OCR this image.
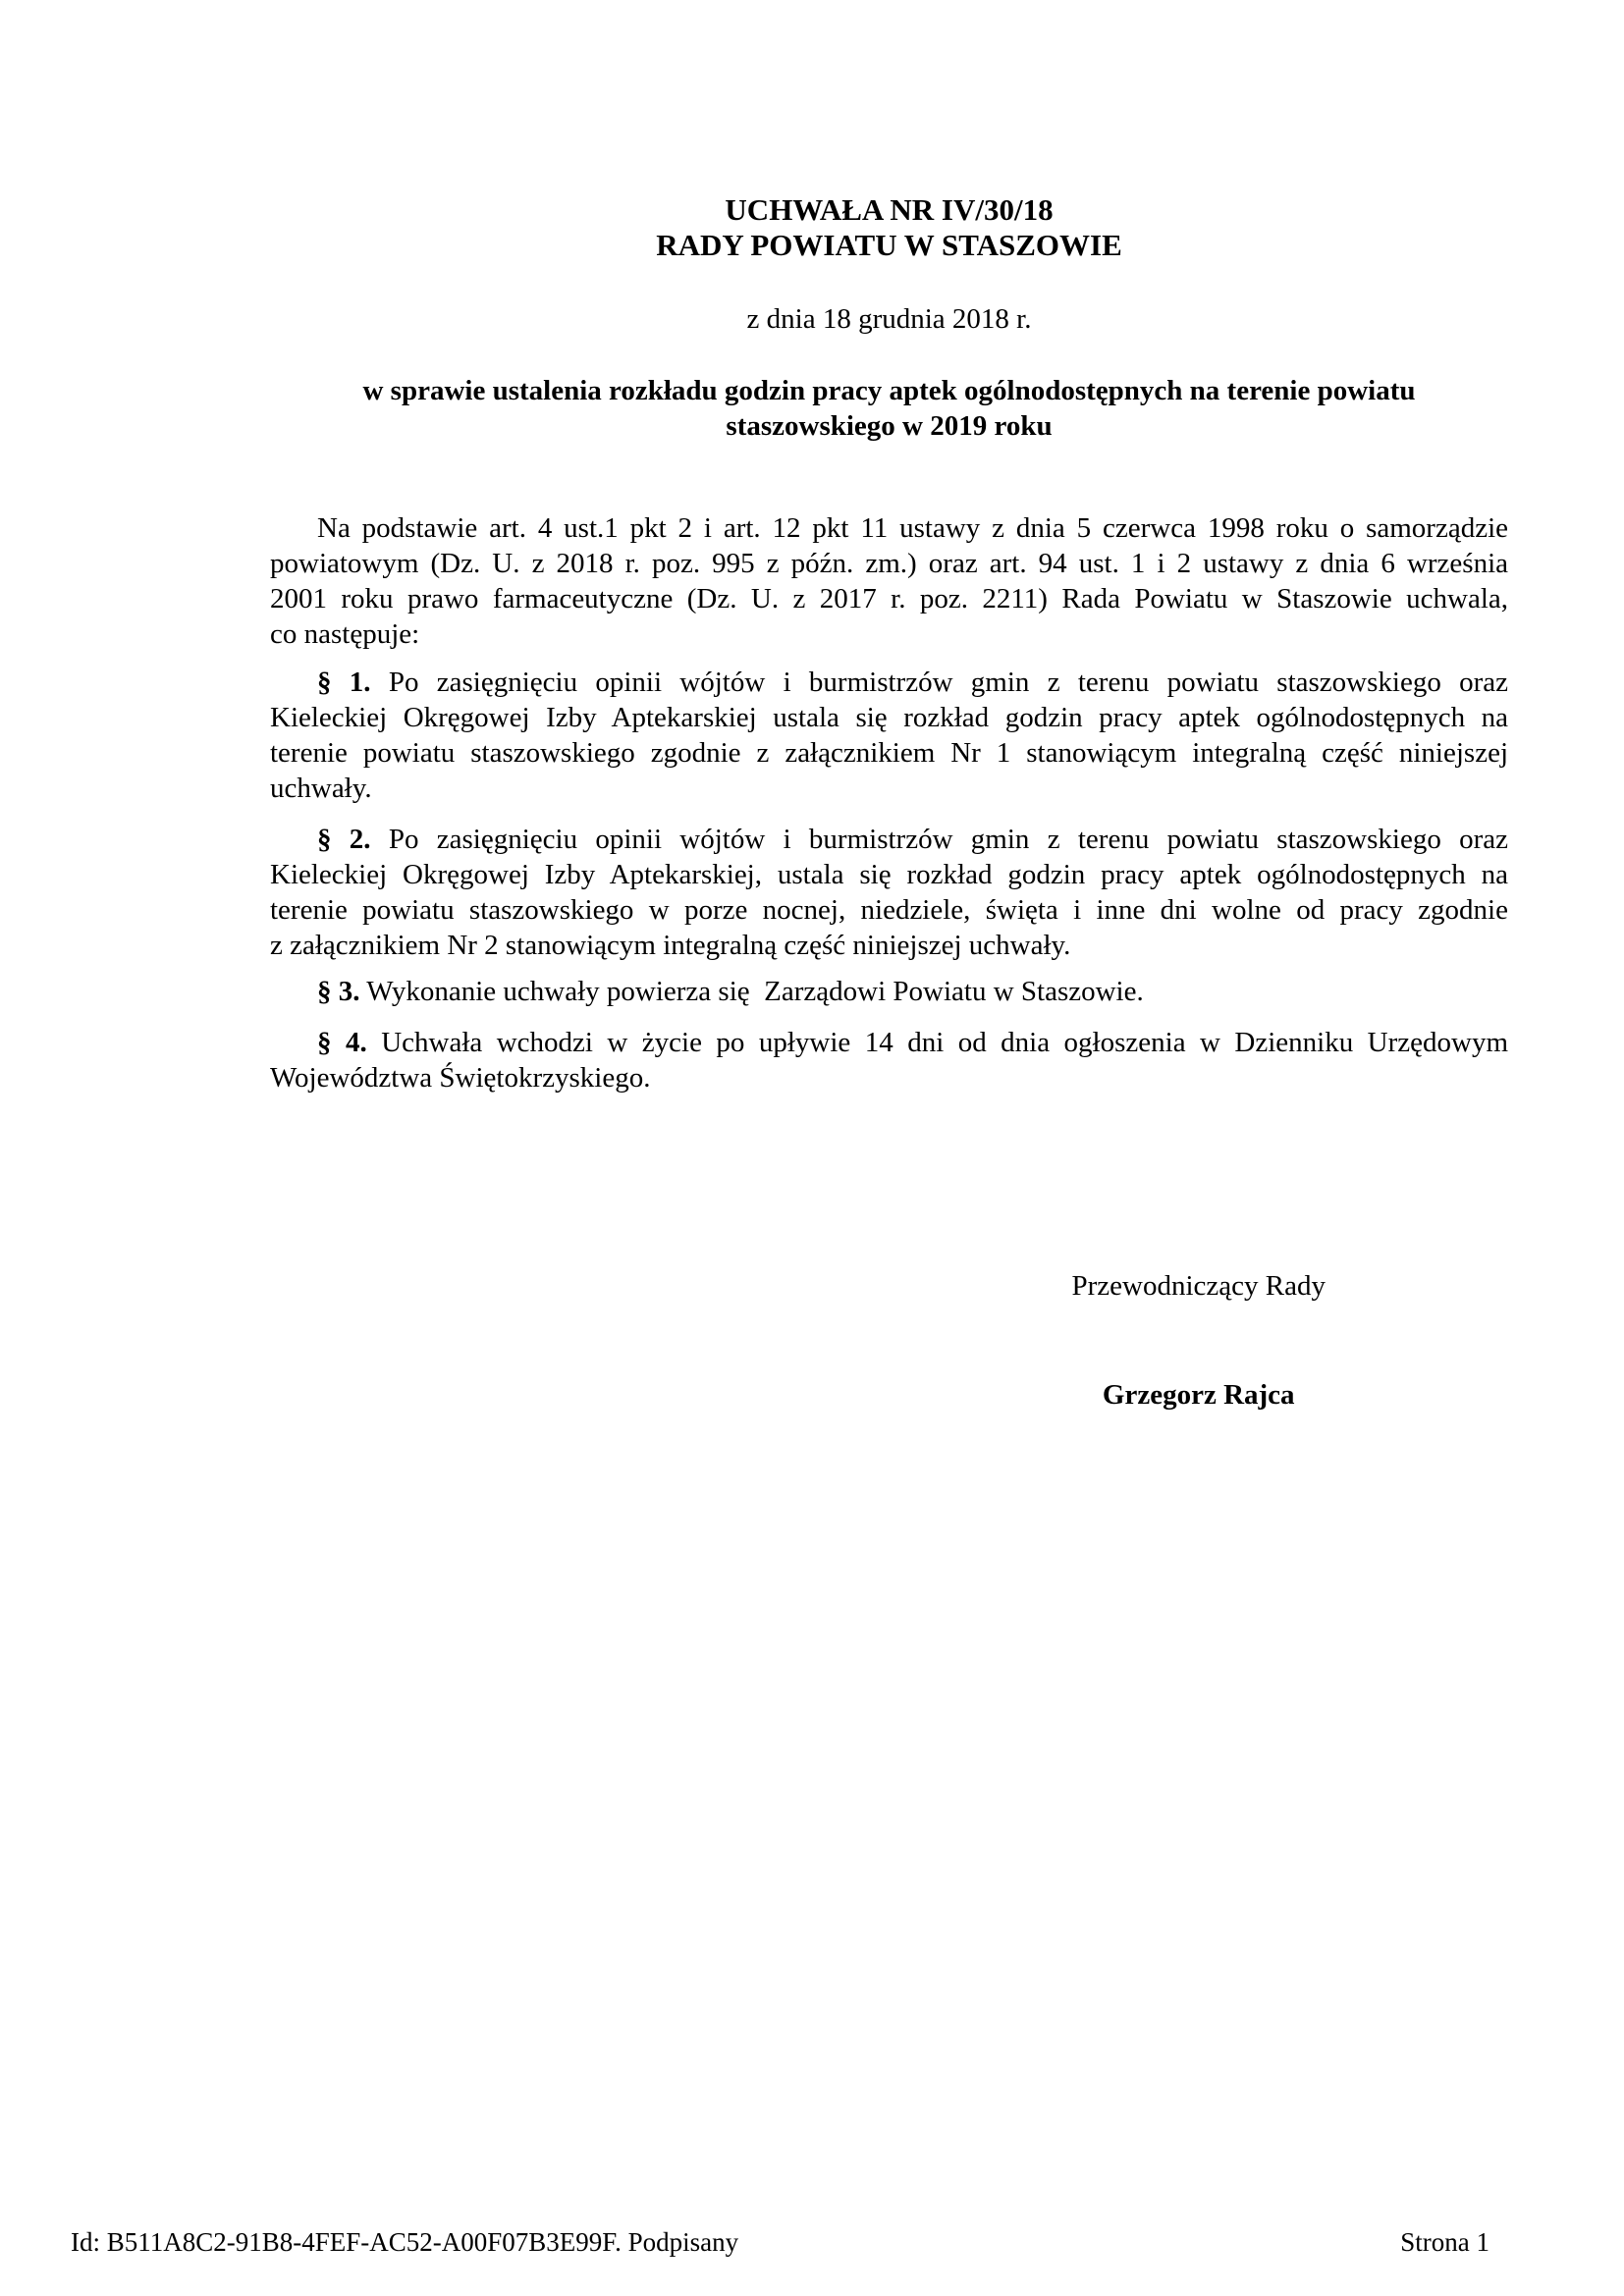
UCHWAŁA NR IV/30/18
RADY POWIATU W STASZOWIE
z dnia 18 grudnia 2018 r.
w sprawie ustalenia rozkładu godzin pracy aptek ogólnodostępnych na terenie powiatu
staszowskiego w 2019 roku
Na podstawie art. 4 ust.1 pkt 2 i art. 12 pkt 11 ustawy z dnia 5 czerwca 1998 roku o samorządzie
powiatowym (Dz. U. z 2018 r. poz. 995 z późn. zm.) oraz art. 94 ust. 1 i 2 ustawy z dnia 6 września
2001 roku prawo farmaceutyczne (Dz. U. z 2017 r. poz. 2211) Rada Powiatu w Staszowie uchwala,
co następuje:
§ 1. Po zasięgnięciu opinii wójtów i burmistrzów gmin z terenu powiatu staszowskiego oraz
Kieleckiej Okręgowej Izby Aptekarskiej ustala się rozkład godzin pracy aptek ogólnodostępnych na
terenie powiatu staszowskiego zgodnie z załącznikiem Nr 1 stanowiącym integralną część niniejszej
uchwały.
§ 2. Po zasięgnięciu opinii wójtów i burmistrzów gmin z terenu powiatu staszowskiego oraz
Kieleckiej Okręgowej Izby Aptekarskiej, ustala się rozkład godzin pracy aptek ogólnodostępnych na
terenie powiatu staszowskiego w porze nocnej, niedziele, święta i inne dni wolne od pracy zgodnie
z załącznikiem Nr 2 stanowiącym integralną część niniejszej uchwały.
§ 3. Wykonanie uchwały powierza się  Zarządowi Powiatu w Staszowie.
§ 4. Uchwała wchodzi w życie po upływie 14 dni od dnia ogłoszenia w Dzienniku Urzędowym
Województwa Świętokrzyskiego.
Przewodniczący Rady
Grzegorz Rajca
Id: B511A8C2-91B8-4FEF-AC52-A00F07B3E99F. Podpisany	Strona 1
